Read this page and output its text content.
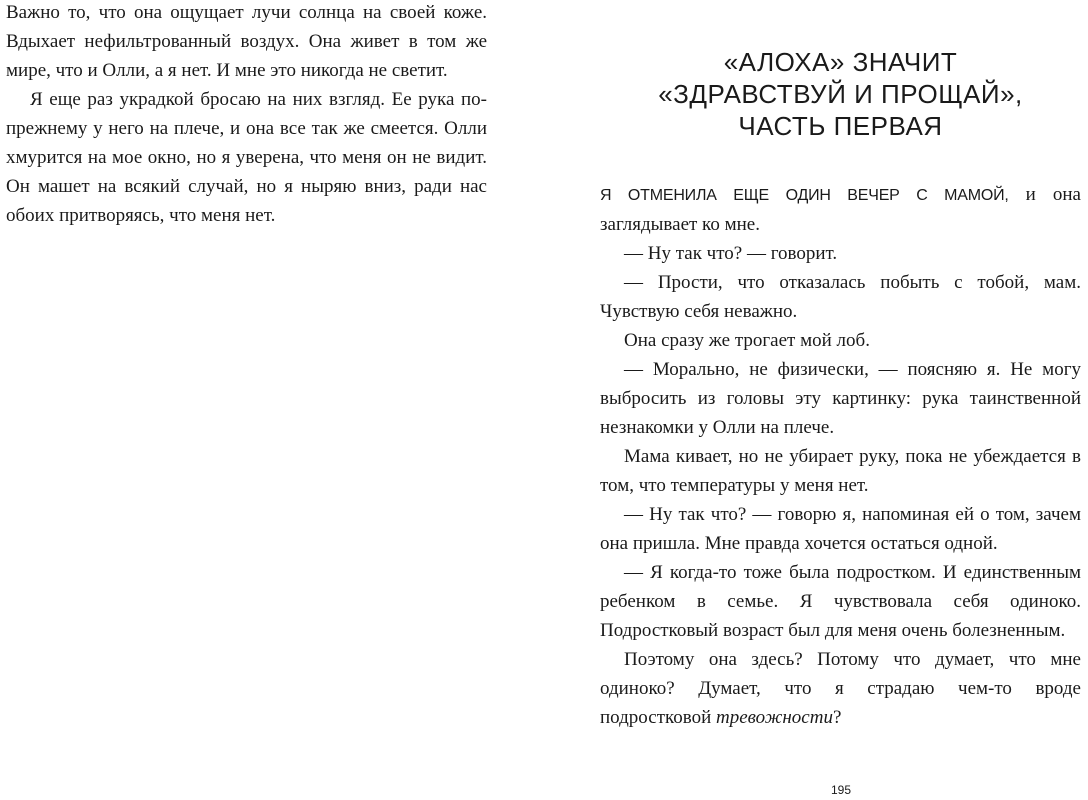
Важно то, что она ощущает лучи солнца на своей коже. Вдыхает нефильтрованный воздух. Она живет в том же мире, что и Олли, а я нет. И мне это никогда не светит.

Я еще раз украдкой бросаю на них взгляд. Ее рука по-прежнему у него на плече, и она все так же смеется. Олли хмурится на мое окно, но я уверена, что меня он не видит. Он машет на всякий случай, но я ныряю вниз, ради нас обоих притворяясь, что меня нет.

«АЛОХА» ЗНАЧИТ
«ЗДРАВСТВУЙ И ПРОЩАЙ»,
ЧАСТЬ ПЕРВАЯ

Я ОТМЕНИЛА ЕЩЕ ОДИН ВЕЧЕР С МАМОЙ, и она заглядывает ко мне.

— Ну так что? — говорит.

— Прости, что отказалась побыть с тобой, мам. Чувствую себя неважно.

Она сразу же трогает мой лоб.

— Морально, не физически, — поясняю я. Не могу выбросить из головы эту картинку: рука таинственной незнакомки у Олли на плече.

Мама кивает, но не убирает руку, пока не убеждается в том, что температуры у меня нет.

— Ну так что? — говорю я, напоминая ей о том, зачем она пришла. Мне правда хочется остаться одной.

— Я когда-то тоже была подростком. И единственным ребенком в семье. Я чувствовала себя одиноко. Подростковый возраст был для меня очень болезненным.

Поэтому она здесь? Потому что думает, что мне одиноко? Думает, что я страдаю чем-то вроде подростковой тревожности?

195
